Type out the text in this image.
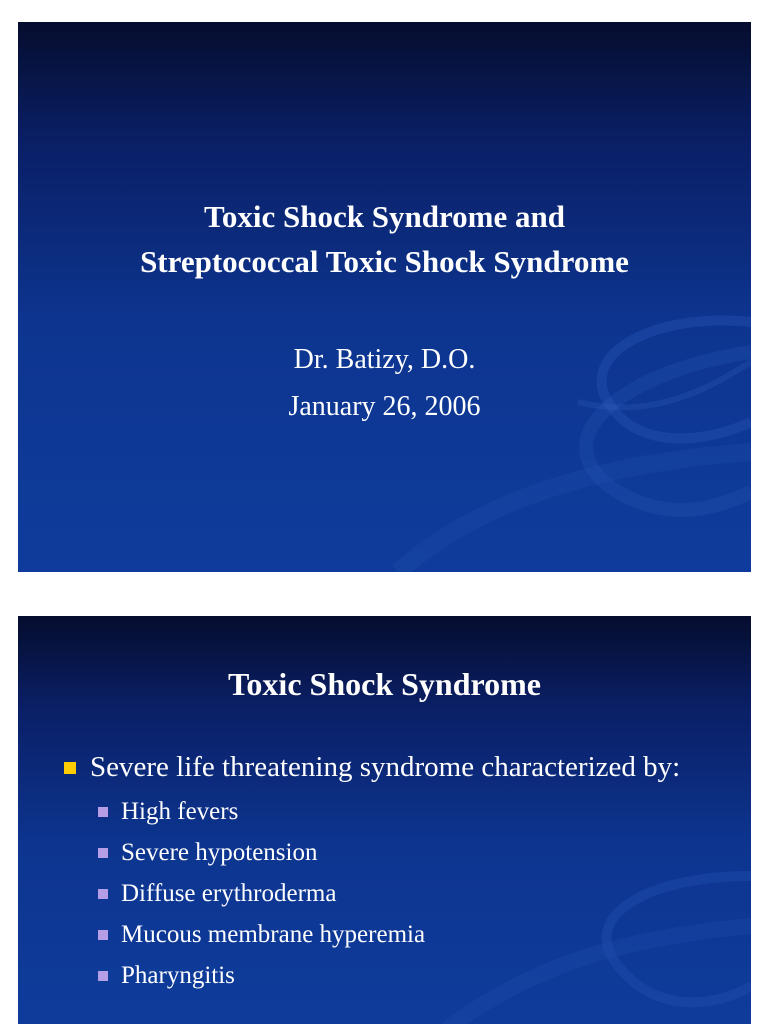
Toxic Shock Syndrome and
Streptococcal Toxic Shock Syndrome
Dr. Batizy, D.O.
January 26, 2006
Toxic Shock Syndrome
Severe life threatening syndrome characterized by:
High fevers
Severe hypotension
Diffuse erythroderma
Mucous membrane hyperemia
Pharyngitis
